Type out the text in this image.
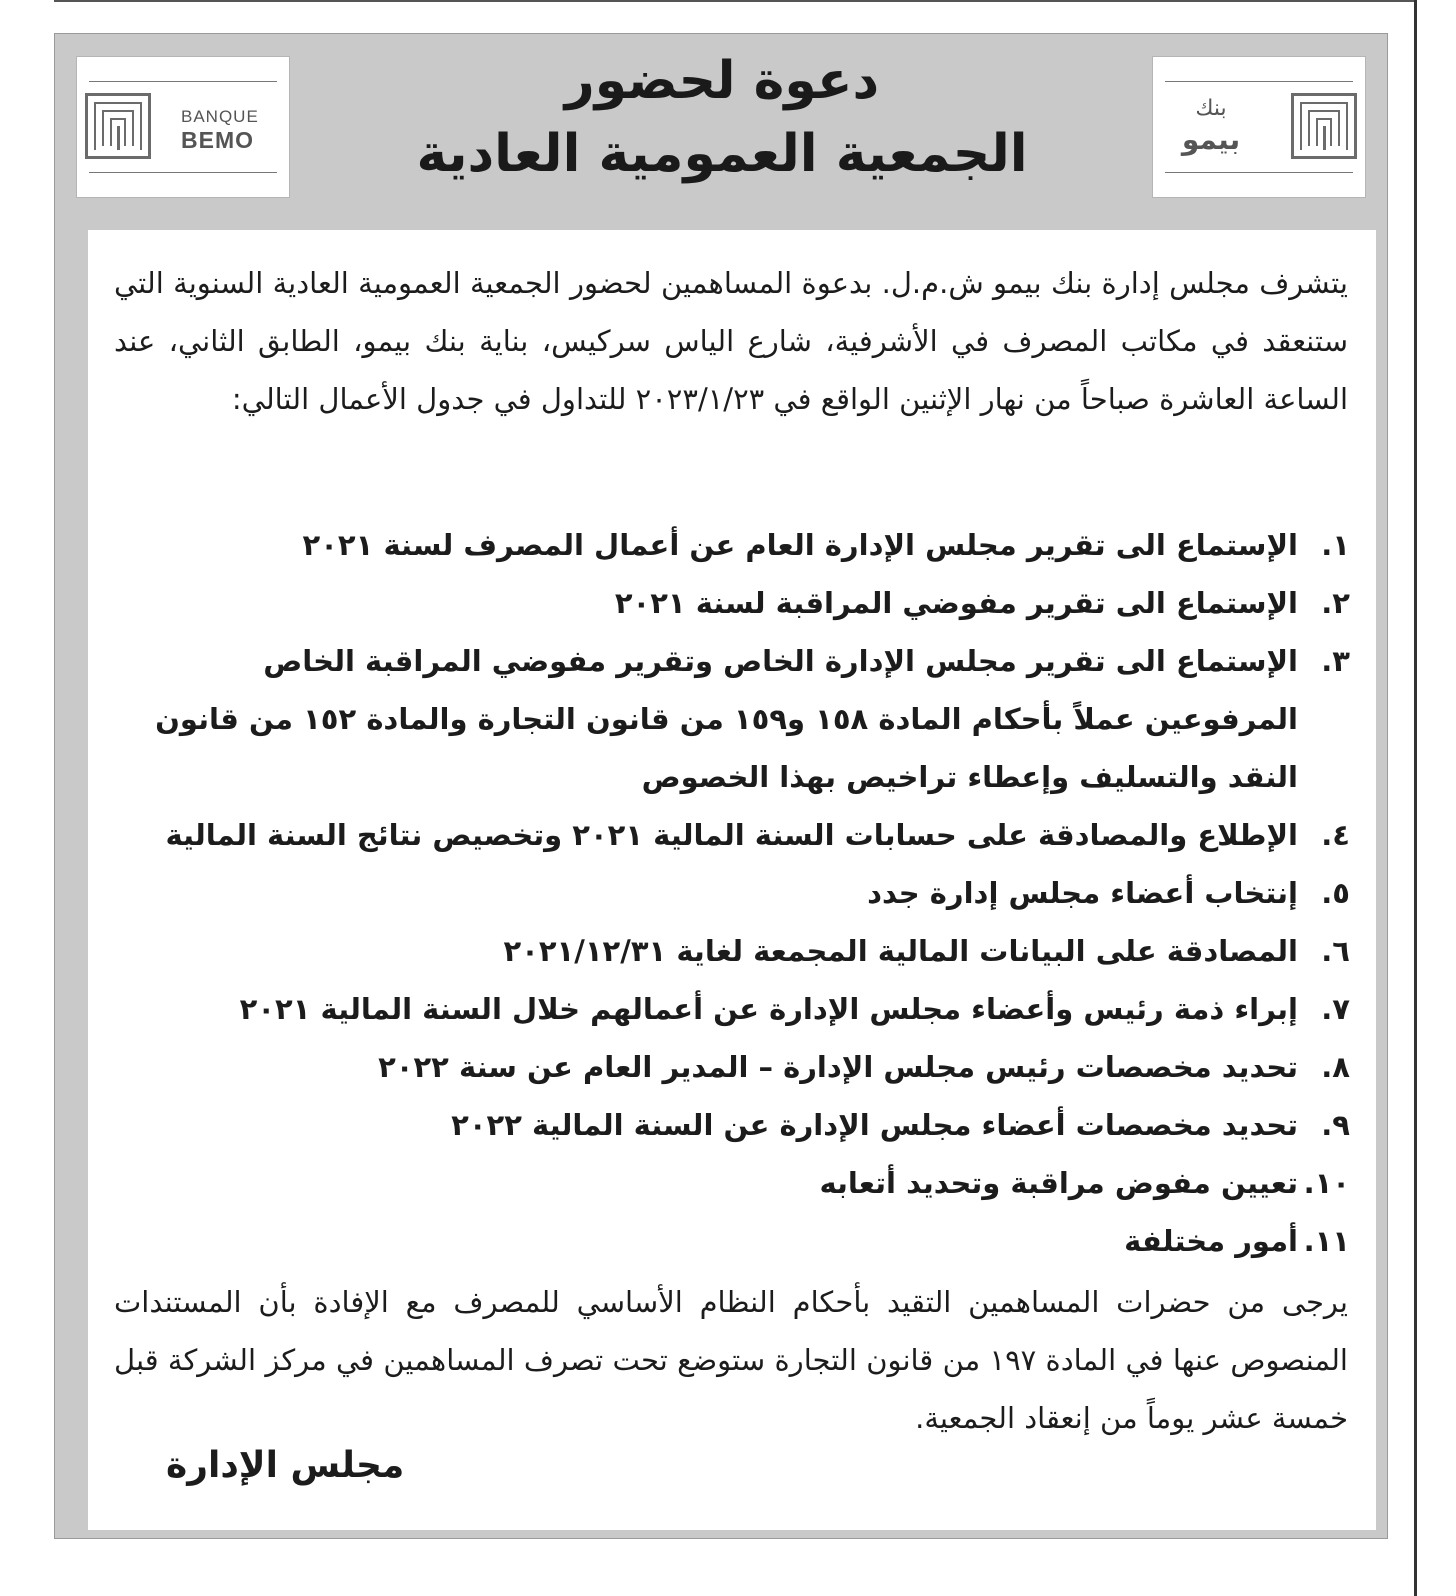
BANQUE
BEMO
دعوة لحضور
الجمعية العمومية العادية
بنك
بيمو

يتشرف مجلس إدارة بنك بيمو ش.م.ل. بدعوة المساهمين لحضور الجمعية العمومية العادية السنوية التي ستنعقد في مكاتب المصرف في الأشرفية، شارع الياس سركيس، بناية بنك بيمو، الطابق الثاني، عند الساعة العاشرة صباحاً من نهار الإثنين الواقع في ٢٠٢٣/١/٢٣ للتداول في جدول الأعمال التالي:

١.
الإستماع الى تقرير مجلس الإدارة العام عن أعمال المصرف لسنة ٢٠٢١
٢.
الإستماع الى تقرير مفوضي المراقبة لسنة ٢٠٢١
٣.
الإستماع الى تقرير مجلس الإدارة الخاص وتقرير مفوضي المراقبة الخاص المرفوعين عملاً بأحكام المادة ١٥٨ و١٥٩ من قانون التجارة والمادة ١٥٢ من قانون النقد والتسليف وإعطاء تراخيص بهذا الخصوص
٤.
الإطلاع والمصادقة على حسابات السنة المالية ٢٠٢١ وتخصيص نتائج السنة المالية
٥.
إنتخاب أعضاء مجلس إدارة جدد
٦.
المصادقة على البيانات المالية المجمعة لغاية ٢٠٢١/١٢/٣١
٧.
إبراء ذمة رئيس وأعضاء مجلس الإدارة عن أعمالهم خلال السنة المالية ٢٠٢١
٨.
تحديد مخصصات رئيس مجلس الإدارة – المدير العام عن سنة ٢٠٢٢
٩.
تحديد مخصصات أعضاء مجلس الإدارة عن السنة المالية ٢٠٢٢
١٠.
تعيين مفوض مراقبة وتحديد أتعابه
١١.
أمور مختلفة

يرجى من حضرات المساهمين التقيد بأحكام النظام الأساسي للمصرف مع الإفادة بأن المستندات المنصوص عنها في المادة ١٩٧ من قانون التجارة ستوضع تحت تصرف المساهمين في مركز الشركة قبل خمسة عشر يوماً من إنعقاد الجمعية.

مجلس الإدارة
